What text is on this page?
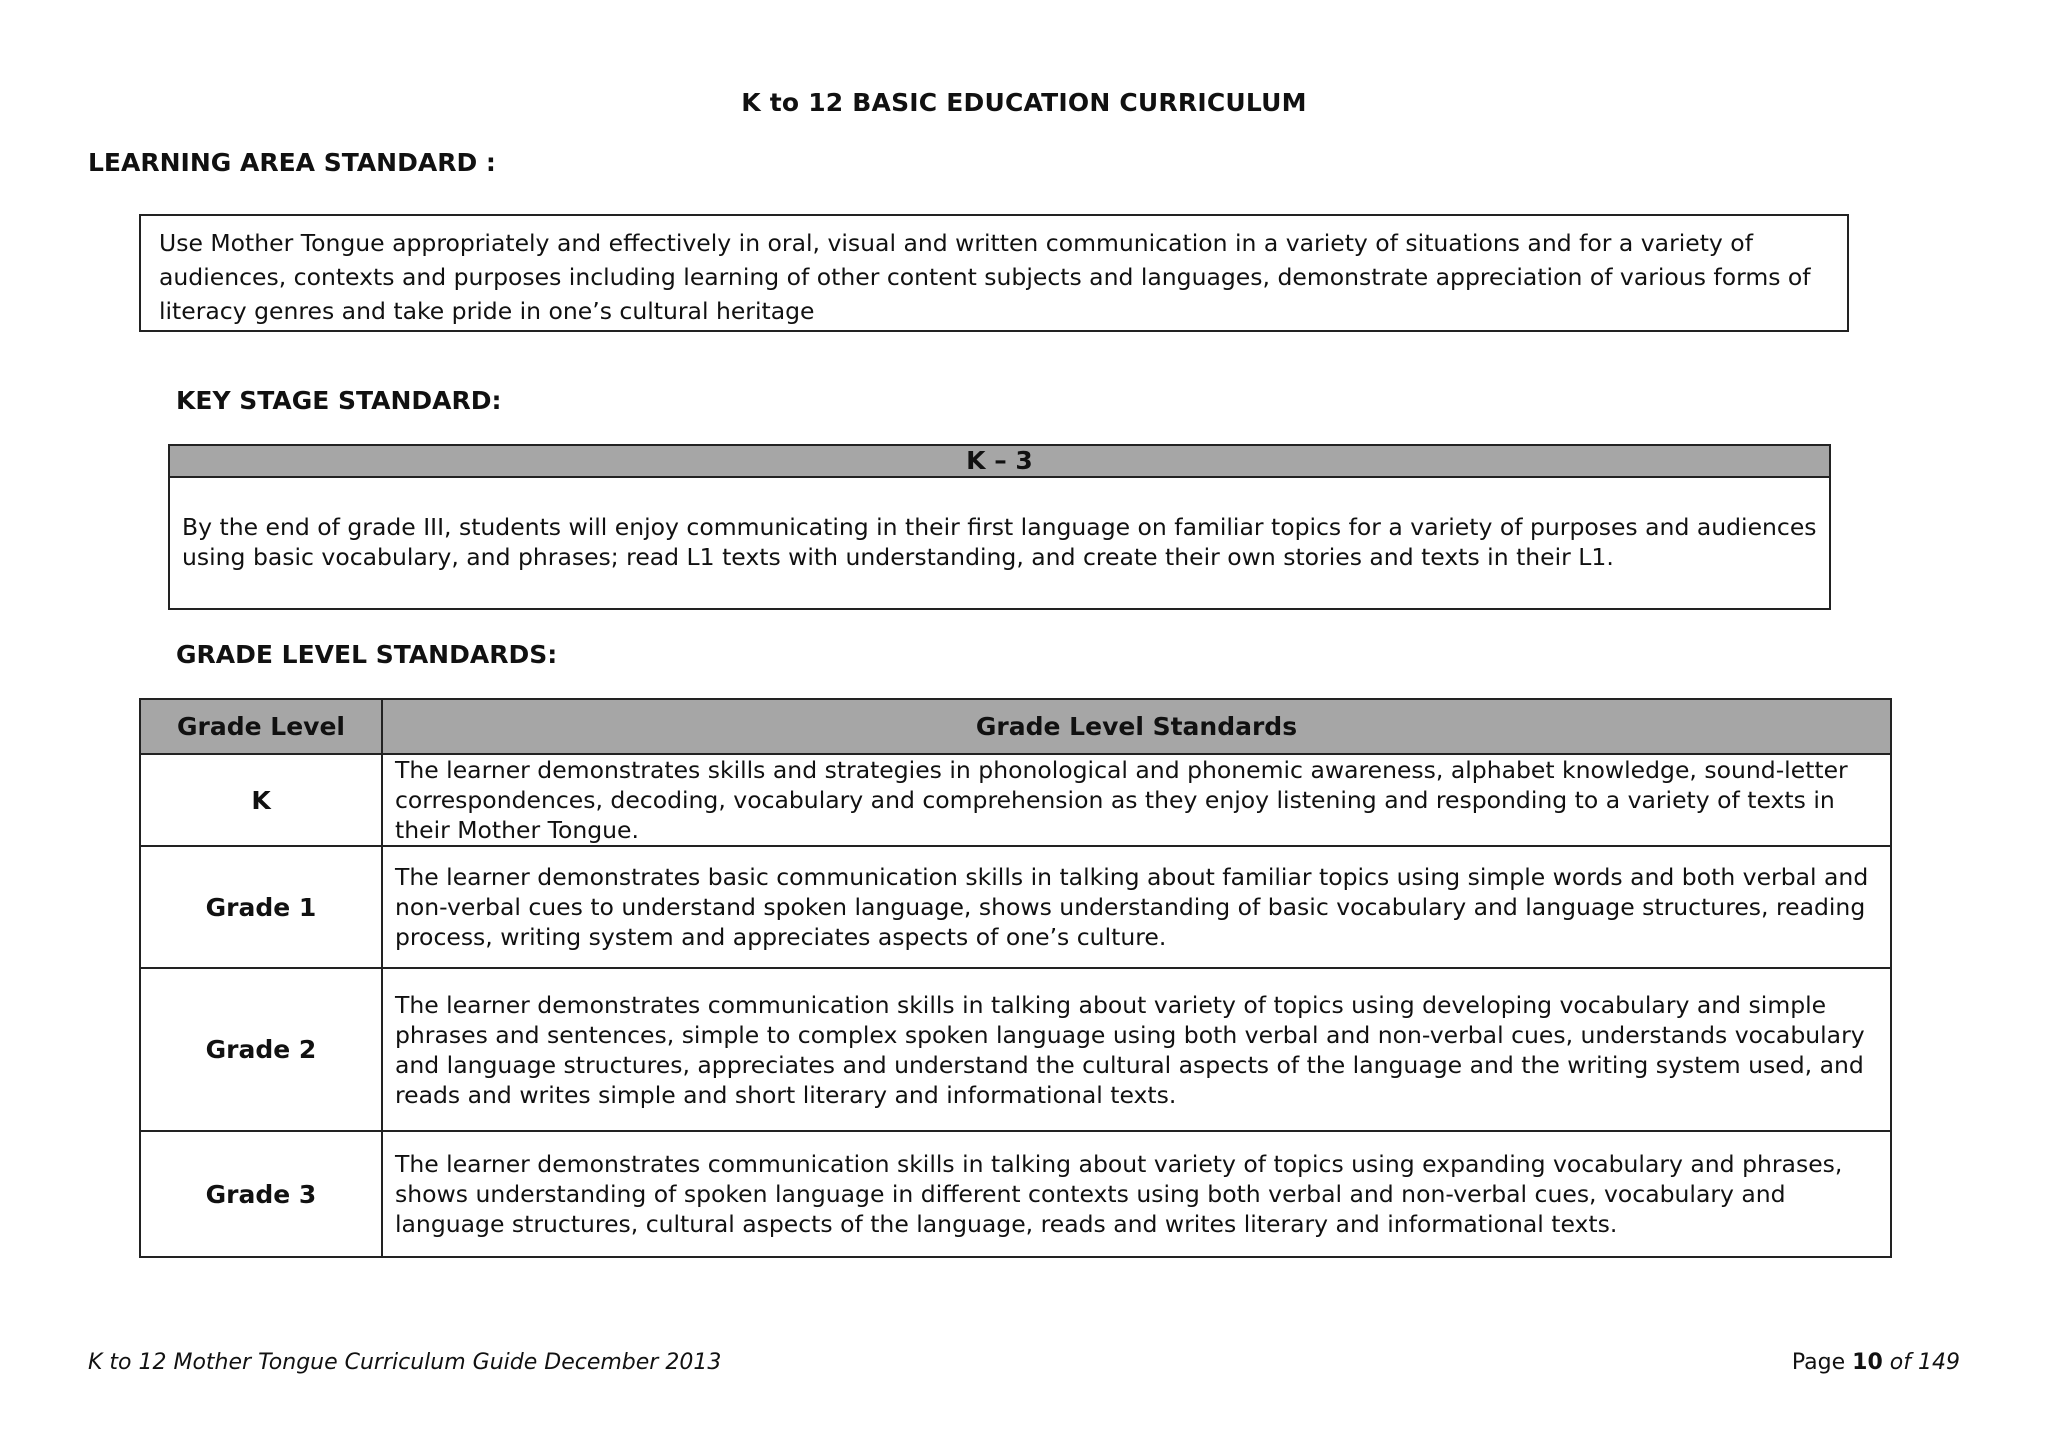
K to 12 BASIC EDUCATION CURRICULUM
LEARNING AREA STANDARD :
Use Mother Tongue appropriately and effectively in oral, visual and written communication in a variety of situations and for a variety of audiences, contexts and purposes including learning of other content subjects and languages, demonstrate appreciation of various forms of literacy genres and take pride in one’s cultural heritage
KEY STAGE STANDARD:
K – 3
By the end of grade III, students will enjoy communicating in their first language on familiar topics for a variety of purposes and audiences using basic vocabulary, and phrases; read L1 texts with understanding, and create their own stories and texts in their L1.
GRADE LEVEL STANDARDS:
Grade Level	Grade Level Standards
K	The learner demonstrates skills and strategies in phonological and phonemic awareness, alphabet knowledge, sound-letter correspondences, decoding, vocabulary and comprehension as they enjoy listening and responding to a variety of texts in their Mother Tongue.
Grade 1	The learner demonstrates basic communication skills in talking about familiar topics using simple words and both verbal and non-verbal cues to understand spoken language, shows understanding of basic vocabulary and language structures, reading process, writing system and appreciates aspects of one’s culture.
Grade 2	The learner demonstrates communication skills in talking about variety of topics using developing vocabulary and simple phrases and sentences, simple to complex spoken language using both verbal and non-verbal cues, understands vocabulary and language structures, appreciates and understand the cultural aspects of the language and the writing system used, and reads and writes simple and short literary and informational texts.
Grade 3	The learner demonstrates communication skills in talking about variety of topics using expanding vocabulary and phrases, shows understanding of spoken language in different contexts using both verbal and non-verbal cues, vocabulary and language structures, cultural aspects of the language, reads and writes literary and informational texts.
K to 12 Mother Tongue Curriculum Guide December 2013	Page 10 of 149
